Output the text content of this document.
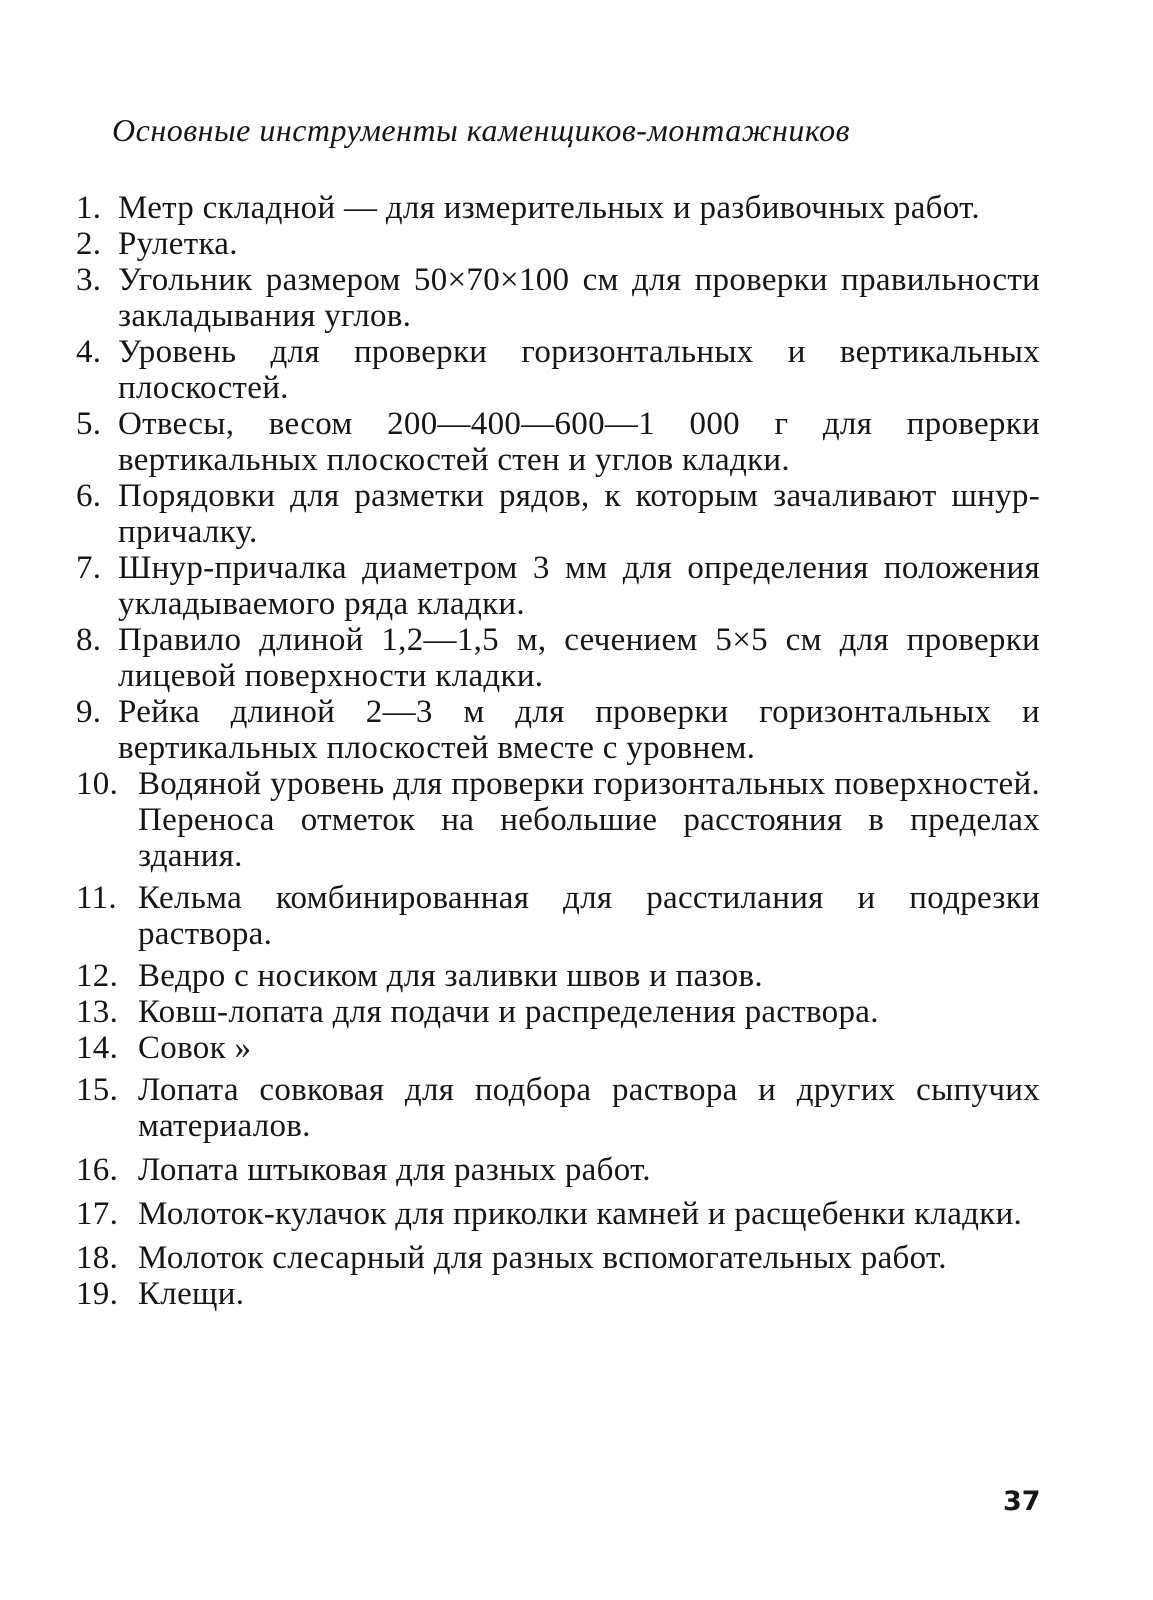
Основные инструменты каменщиков-монтажников
1. Метр складной — для измерительных и разбивочных работ.
2. Рулетка.
3. Угольник размером 50×70×100 см для проверки правильности закладывания углов.
4. Уровень для проверки горизонтальных и вертикальных плоскостей.
5. Отвесы, весом 200—400—600—1 000 г для проверки вертикальных плоскостей стен и углов кладки.
6. Порядовки для разметки рядов, к которым зачаливают шнур-причалку.
7. Шнур-причалка диаметром 3 мм для определения положения укладываемого ряда кладки.
8. Правило длиной 1,2—1,5 м, сечением 5×5 см для проверки лицевой поверхности кладки.
9. Рейка длиной 2—3 м для проверки горизонтальных и вертикальных плоскостей вместе с уровнем.
10. Водяной уровень для проверки горизонтальных поверхностей. Переноса отметок на небольшие расстояния в пределах здания.
11. Кельма комбинированная для расстилания и подрезки раствора.
12. Ведро с носиком для заливки швов и пазов.
13. Ковш-лопата для подачи и распределения раствора.
14. Совок »
15. Лопата совковая для подбора раствора и других сыпучих материалов.
16. Лопата штыковая для разных работ.
17. Молоток-кулачок для приколки камней и расщебенки кладки.
18. Молоток слесарный для разных вспомогательных работ.
19. Клещи.
37
